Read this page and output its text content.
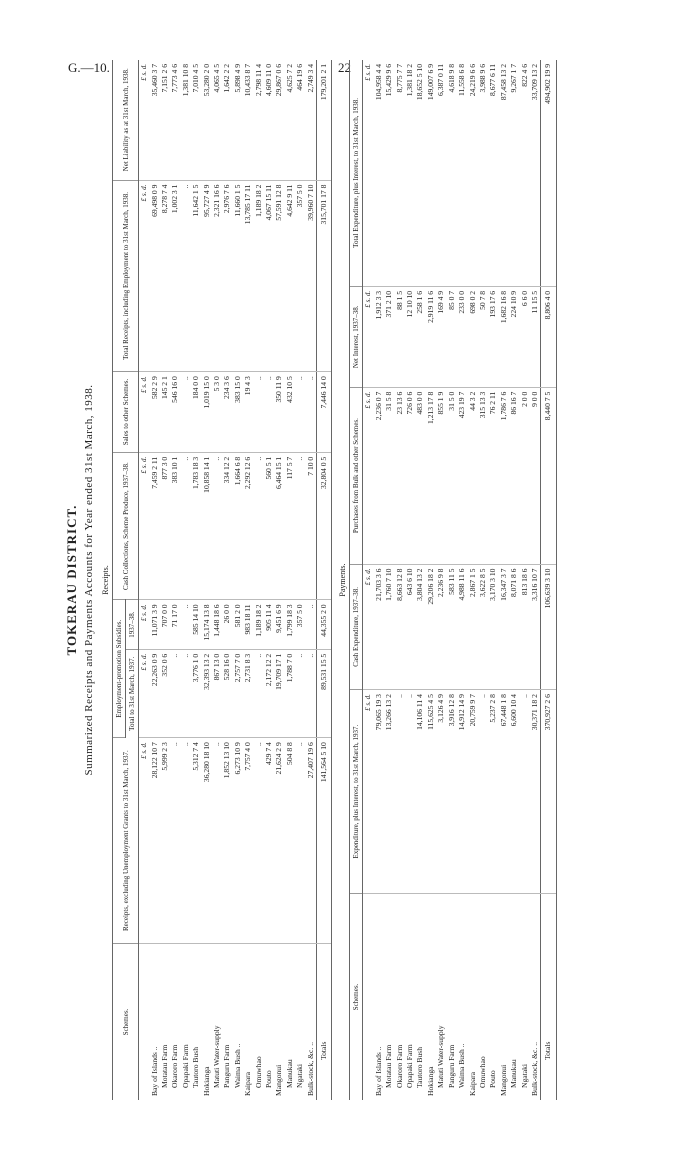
G.—10.	22
TOKERAU DISTRICT. Summarized Receipts and Payments Accounts for Year ended 31st March, 1938. Receipts.
Schemes.	Receipts, excluding Unemployment Grants to 31st March, 1937.	Employment-promotion Subsidies.		Cash Collections, Scheme Produce, 1937–38.	Sales to other Schemes.	Total Receipts, including Employment to 31st March, 1938.	Net Liability as at 31st March, 1938.
		Total to 31st March, 1937.	1937–38.				
	£ s. d.	£ s. d.	£ s. d.	£ s. d.	£ s. d.	£ s. d.	£ s. d.
Bay of Islands ..	28,122 10 7	22,263 0 9	11,071 3 9	7,459 2 11	582 2 9	69,498 0 9	35,460 3 7
Motatau Farm	5,999 2 3	352 0 6	707 0 0	877 3 0	145 2 1	8,278 7 4	7,151 2 6
Okaroro Farm	..	..	71 17 0	383 10 1	546 16 0	1,002 3 1	7,773 4 6
Opapaki Farm	..	..	..	..	..	..	1,381 10 8
Tautoro Bush	5,312 7 4	3,776 1 0	585 14 10	1,783 18 3	184 0 0	11,642 1 5	7,010 4 5
Hokianga	36,280 18 10	32,393 13 2	15,174 13 8	10,858 14 1	1,019 15 0	95,727 4 9	53,280 2 0
Matuti Water-supply	..	867 13 0	1,448 18 6	..	5 3 0	2,321 16 6	4,065 4 5
Panguru Farm	1,852 13 10	528 16 0	26 0 0	334 12 2	234 3 6	2,976 7 6	1,642 2 2
Waima Bush ..	6,273 10 9	2,757 7 0	581 2 0	1,664 6 8	383 15 0	11,660 1 5	5,898 4 9
Kaipara	7,757 4 0	2,731 8 3	983 18 11	2,292 12 6	19 4 3	13,785 17 11	10,433 8 7
Omuwhao	..	..	1,189 18 2	..	..	1,189 18 2	2,798 11 4
Pouto	429 7 4	2,172 12 2	905 11 4	560 5 1	..	4,067 15 11	4,609 11 0
Mangonui	21,624 2 9	19,709 17 1	9,451 6 9	6,464 15 1	350 11 9	57,591 12 8	29,867 0 6
Manukau	504 8 8	1,788 7 0	1,799 18 3	117 5 7	432 10 5	4,642 9 11	4,625 7 2
Ngataki	..	..	357 5 0	..	..	357 5 0	464 19 6
Bulk-stock, &c. ..	27,407 19 6	..	..	7 10 0	..	39,960 7 10	2,749 3 4
Totals	141,564 5 10	89,531 15 5	44,355 2 0	32,804 0 5	7,446 14 0	315,701 17 8	179,201 2 1
Payments.
Schemes.	Expenditure, plus Interest, to 31st March, 1937.	Cash Expenditure, 1937–38.	Purchases from Bulk and other Schemes.	Net Interest, 1937–38.	Total Expenditure, plus Interest, to 31st March, 1938.
	£ s. d.	£ s. d.	£ s. d.	£ s. d.	£ s. d.
Bay of Islands ..	79,065 19 3	21,703 3 6	2,236 0 7	1,912 3 3	104,958 4 4
Motatau Farm	13,266 13 2	1,760 7 10	31 5 8	371 2 10	15,429 9 6
Okaroro Farm	..	8,663 12 8	23 13 6	88 1 5	8,775 7 7
Opapaki Farm	..	643 6 10	726 0 6	12 10 10	1,381 18 2
Tautoro Bush	14,106 11 4	3,804 13 2	483 0 0	258 1 6	18,652 5 10
Hokianga	115,625 4 5	29,206 18 2	1,213 17 8	2,919 11 6	149,007 6 9
Matuti Water-supply	3,126 4 9	2,236 9 8	855 1 9	169 4 9	6,387 0 11
Panguru Farm	3,916 12 8	583 11 5	31 5 0	85 0 7	4,618 9 8
Waima Bush ..	14,912 14 9	4,988 11 6	423 19 7	233 0 0	11,558 6 8
Kaipara	20,759 9 7	2,867 1 5	44 3 2	698 0 2	24,219 6 6
Omuwhao	..	3,622 8 5	315 13 3	50 7 8	3,988 9 6
Pouto	5,237 2 8	3,170 3 10	76 2 11	193 17 6	8,677 6 11
Mangonui	67,448 1 8	16,347 3 7	1,786 7 6	1,682 16 8	87,458 13 2
Manukau	6,600 10 4	8,071 8 6	86 16 7	224 10 9	9,267 1 7
Ngataki	..	813 18 6	2 0 0	6 6 0	822 4 6
Bulk-stock, &c. ..	30,371 18 2	3,316 10 7	9 0 0	11 15 5	33,709 13 2
Totals	370,927 2 6	106,639 3 10	8,440 7 5	8,806 4 0	494,902 19 9
